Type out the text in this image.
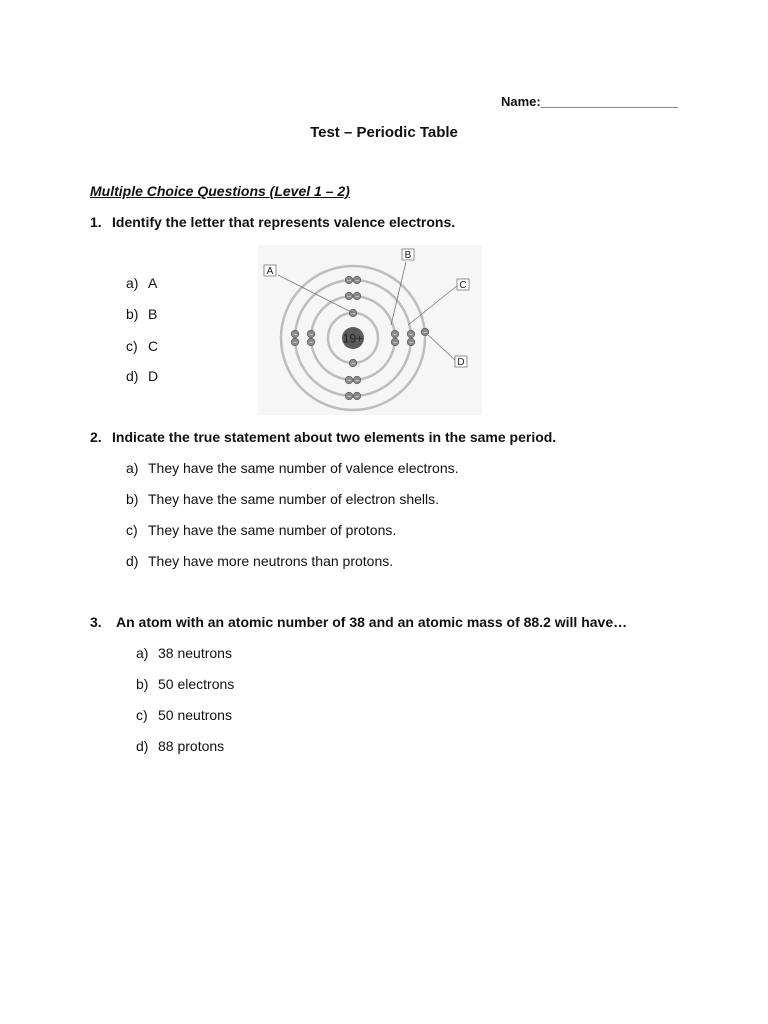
Name:___________________
Test – Periodic Table
Multiple Choice Questions (Level 1 – 2)
1. Identify the letter that represents valence electrons.
a) A
b) B
c) C
d) D
19+
−
−
− −
− −
−
−
−
−
− −
− −
−
−
−
−
−
A
B
C
D
2. Indicate the true statement about two elements in the same period.
a) They have the same number of valence electrons.
b) They have the same number of electron shells.
c) They have the same number of protons.
d) They have more neutrons than protons.
3. An atom with an atomic number of 38 and an atomic mass of 88.2 will have…
a) 38 neutrons
b) 50 electrons
c) 50 neutrons
d) 88 protons
